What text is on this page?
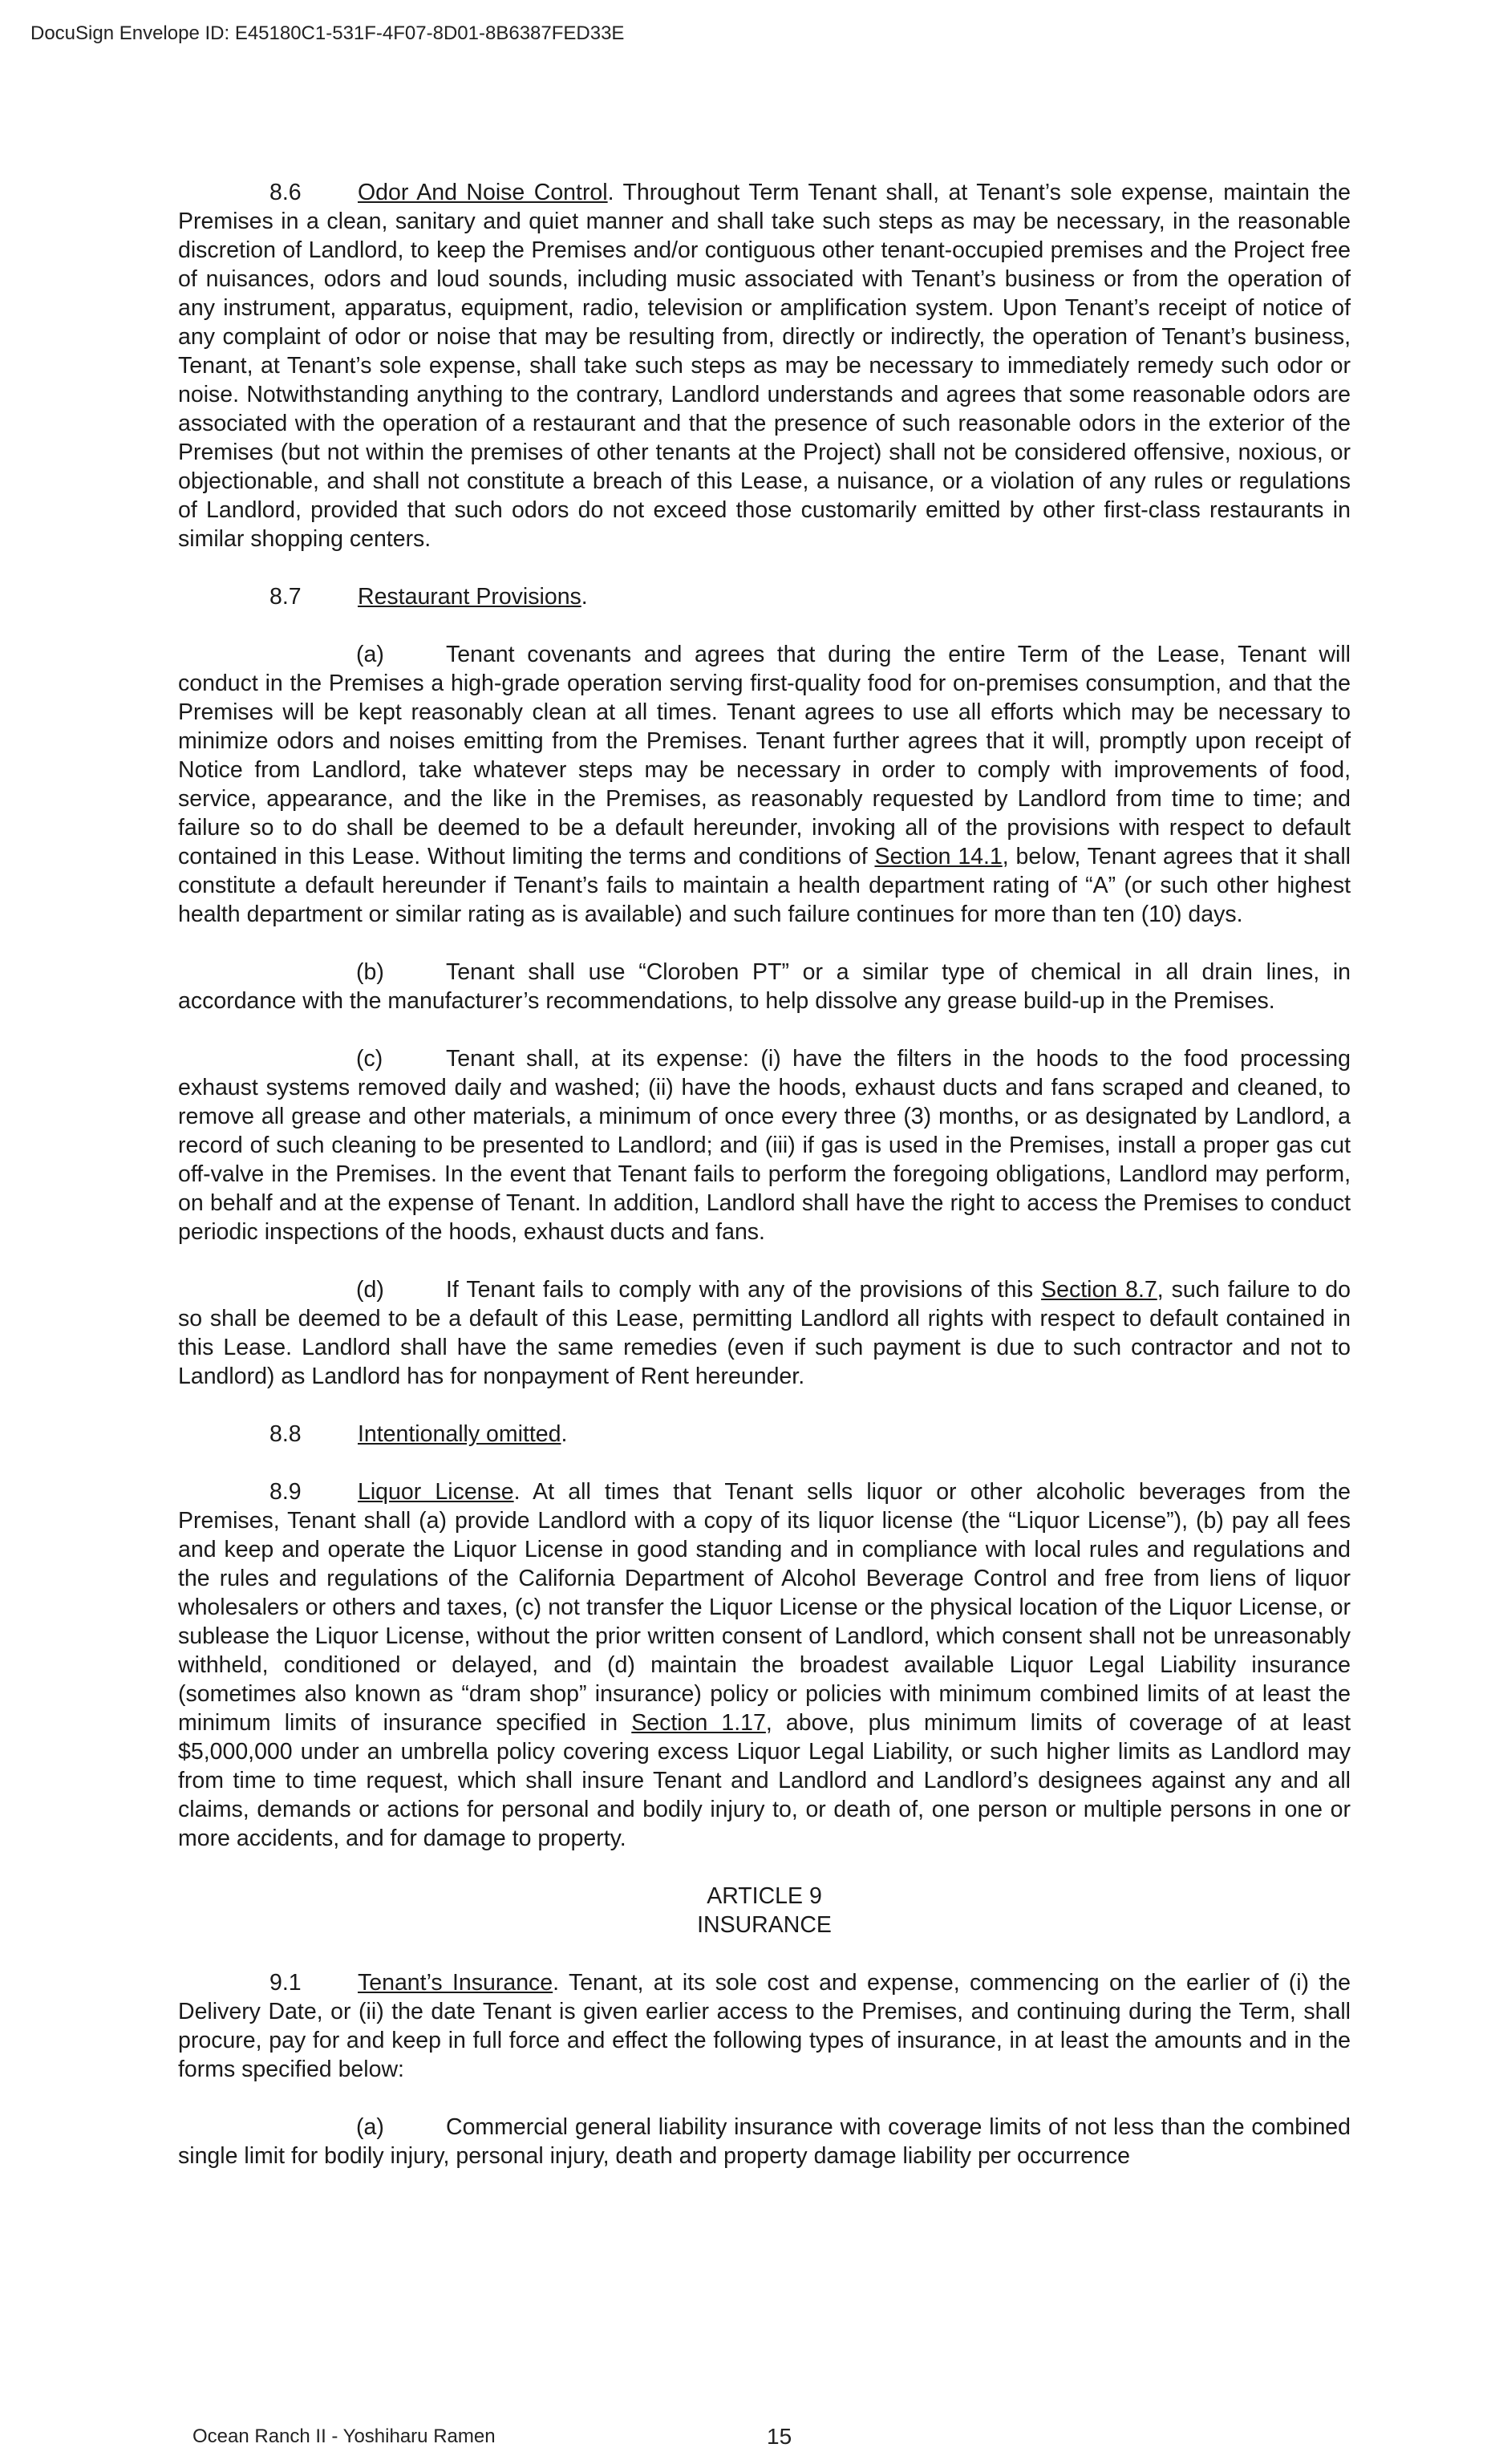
DocuSign Envelope ID: E45180C1-531F-4F07-8D01-8B6387FED33E

8.6 Odor And Noise Control. Throughout Term Tenant shall, at Tenant’s sole expense, maintain the Premises in a clean, sanitary and quiet manner and shall take such steps as may be necessary, in the reasonable discretion of Landlord, to keep the Premises and/or contiguous other tenant-occupied premises and the Project free of nuisances, odors and loud sounds, including music associated with Tenant’s business or from the operation of any instrument, apparatus, equipment, radio, television or amplification system. Upon Tenant’s receipt of notice of any complaint of odor or noise that may be resulting from, directly or indirectly, the operation of Tenant’s business, Tenant, at Tenant’s sole expense, shall take such steps as may be necessary to immediately remedy such odor or noise. Notwithstanding anything to the contrary, Landlord understands and agrees that some reasonable odors are associated with the operation of a restaurant and that the presence of such reasonable odors in the exterior of the Premises (but not within the premises of other tenants at the Project) shall not be considered offensive, noxious, or objectionable, and shall not constitute a breach of this Lease, a nuisance, or a violation of any rules or regulations of Landlord, provided that such odors do not exceed those customarily emitted by other first-class restaurants in similar shopping centers.

8.7 Restaurant Provisions.

(a)	Tenant covenants and agrees that during the entire Term of the Lease, Tenant will conduct in the Premises a high-grade operation serving first-quality food for on-premises consumption, and that the Premises will be kept reasonably clean at all times. Tenant agrees to use all efforts which may be necessary to minimize odors and noises emitting from the Premises. Tenant further agrees that it will, promptly upon receipt of Notice from Landlord, take whatever steps may be necessary in order to comply with improvements of food, service, appearance, and the like in the Premises, as reasonably requested by Landlord from time to time; and failure so to do shall be deemed to be a default hereunder, invoking all of the provisions with respect to default contained in this Lease. Without limiting the terms and conditions of Section 14.1, below, Tenant agrees that it shall constitute a default hereunder if Tenant’s fails to maintain a health department rating of “A” (or such other highest health department or similar rating as is available) and such failure continues for more than ten (10) days.

(b)	Tenant shall use “Cloroben PT” or a similar type of chemical in all drain lines, in accordance with the manufacturer’s recommendations, to help dissolve any grease build-up in the Premises.

(c)	Tenant shall, at its expense: (i) have the filters in the hoods to the food processing exhaust systems removed daily and washed; (ii) have the hoods, exhaust ducts and fans scraped and cleaned, to remove all grease and other materials, a minimum of once every three (3) months, or as designated by Landlord, a record of such cleaning to be presented to Landlord; and (iii) if gas is used in the Premises, install a proper gas cut off-valve in the Premises. In the event that Tenant fails to perform the foregoing obligations, Landlord may perform, on behalf and at the expense of Tenant. In addition, Landlord shall have the right to access the Premises to conduct periodic inspections of the hoods, exhaust ducts and fans.

(d)	If Tenant fails to comply with any of the provisions of this Section 8.7, such failure to do so shall be deemed to be a default of this Lease, permitting Landlord all rights with respect to default contained in this Lease. Landlord shall have the same remedies (even if such payment is due to such contractor and not to Landlord) as Landlord has for nonpayment of Rent hereunder.

8.8 Intentionally omitted.

8.9 Liquor License. At all times that Tenant sells liquor or other alcoholic beverages from the Premises, Tenant shall (a) provide Landlord with a copy of its liquor license (the “Liquor License”), (b) pay all fees and keep and operate the Liquor License in good standing and in compliance with local rules and regulations and the rules and regulations of the California Department of Alcohol Beverage Control and free from liens of liquor wholesalers or others and taxes, (c) not transfer the Liquor License or the physical location of the Liquor License, or sublease the Liquor License, without the prior written consent of Landlord, which consent shall not be unreasonably withheld, conditioned or delayed, and (d) maintain the broadest available Liquor Legal Liability insurance (sometimes also known as “dram shop” insurance) policy or policies with minimum combined limits of at least the minimum limits of insurance specified in Section 1.17, above, plus minimum limits of coverage of at least $5,000,000 under an umbrella policy covering excess Liquor Legal Liability, or such higher limits as Landlord may from time to time request, which shall insure Tenant and Landlord and Landlord’s designees against any and all claims, demands or actions for personal and bodily injury to, or death of, one person or multiple persons in one or more accidents, and for damage to property.

ARTICLE 9

INSURANCE

9.1 Tenant’s Insurance. Tenant, at its sole cost and expense, commencing on the earlier of (i) the Delivery Date, or (ii) the date Tenant is given earlier access to the Premises, and continuing during the Term, shall procure, pay for and keep in full force and effect the following types of insurance, in at least the amounts and in the forms specified below:

(a)	Commercial general liability insurance with coverage limits of not less than the combined single limit for bodily injury, personal injury, death and property damage liability per occurrence

Ocean Ranch II - Yoshiharu Ramen	15
